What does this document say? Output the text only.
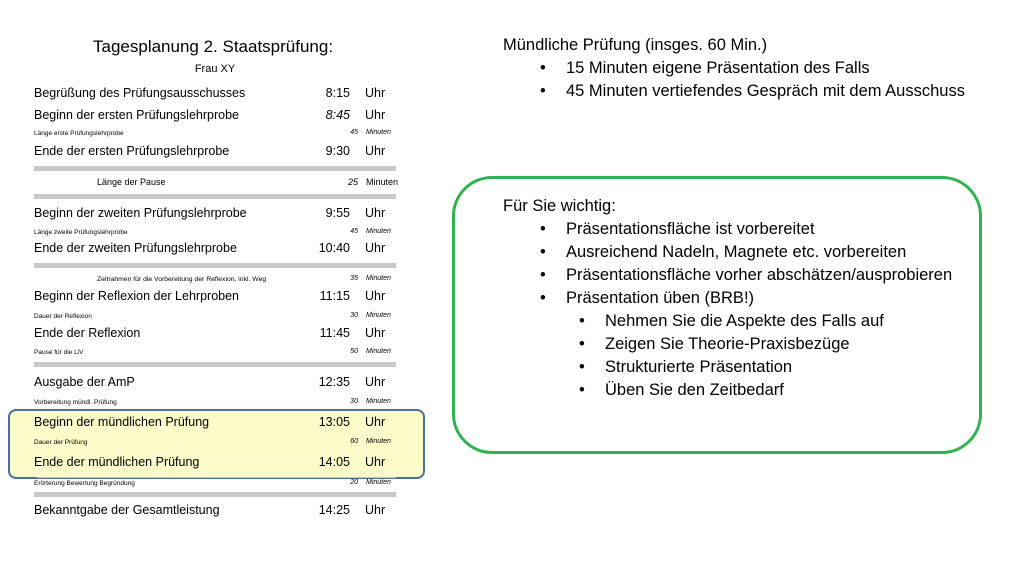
Tagesplanung 2. Staatsprüfung:
Frau XY
Begrüßung des Prüfungsausschusses	8:15 Uhr
Beginn der ersten Prüfungslehrprobe	8:45 Uhr
Länge erste Prüfungslehrprobe	45 Minuten
Ende der ersten Prüfungslehrprobe	9:30 Uhr
Länge der Pause	25 Minuten
Beginn der zweiten Prüfungslehrprobe	9:55 Uhr
Länge zweite Prüfungslehrprobe	45 Minuten
Ende der zweiten Prüfungslehrprobe	10:40 Uhr
Zeitrahmen für die Vorbereitung der Reflexion, inkl. Weg	35 Minuten
Beginn der Reflexion der Lehrproben	11:15 Uhr
Dauer der Reflexion	30 Minuten
Ende der Reflexion	11:45 Uhr
Pause für die LiV	50 Minuten
Ausgabe der AmP	12:35 Uhr
Vorbereitung mündl. Prüfung	30 Minuten
Beginn der mündlichen Prüfung	13:05 Uhr
Dauer der Prüfung	60 Minuten
Ende der mündlichen Prüfung	14:05 Uhr
Erörterung Bewertung Begründung	20 Minuten
Bekanntgabe der Gesamtleistung	14:25 Uhr

Mündliche Prüfung (insges. 60 Min.)

• 15 Minuten eigene Präsentation des Falls
• 45 Minuten vertiefendes Gespräch mit dem Ausschuss

Für Sie wichtig:

• Präsentationsfläche ist vorbereitet
• Ausreichend Nadeln, Magnete etc. vorbereiten
• Präsentationsfläche vorher abschätzen/ausprobieren
• Präsentation üben (BRB!)
• Nehmen Sie die Aspekte des Falls auf
• Zeigen Sie Theorie-Praxisbezüge
• Strukturierte Präsentation
• Üben Sie den Zeitbedarf
